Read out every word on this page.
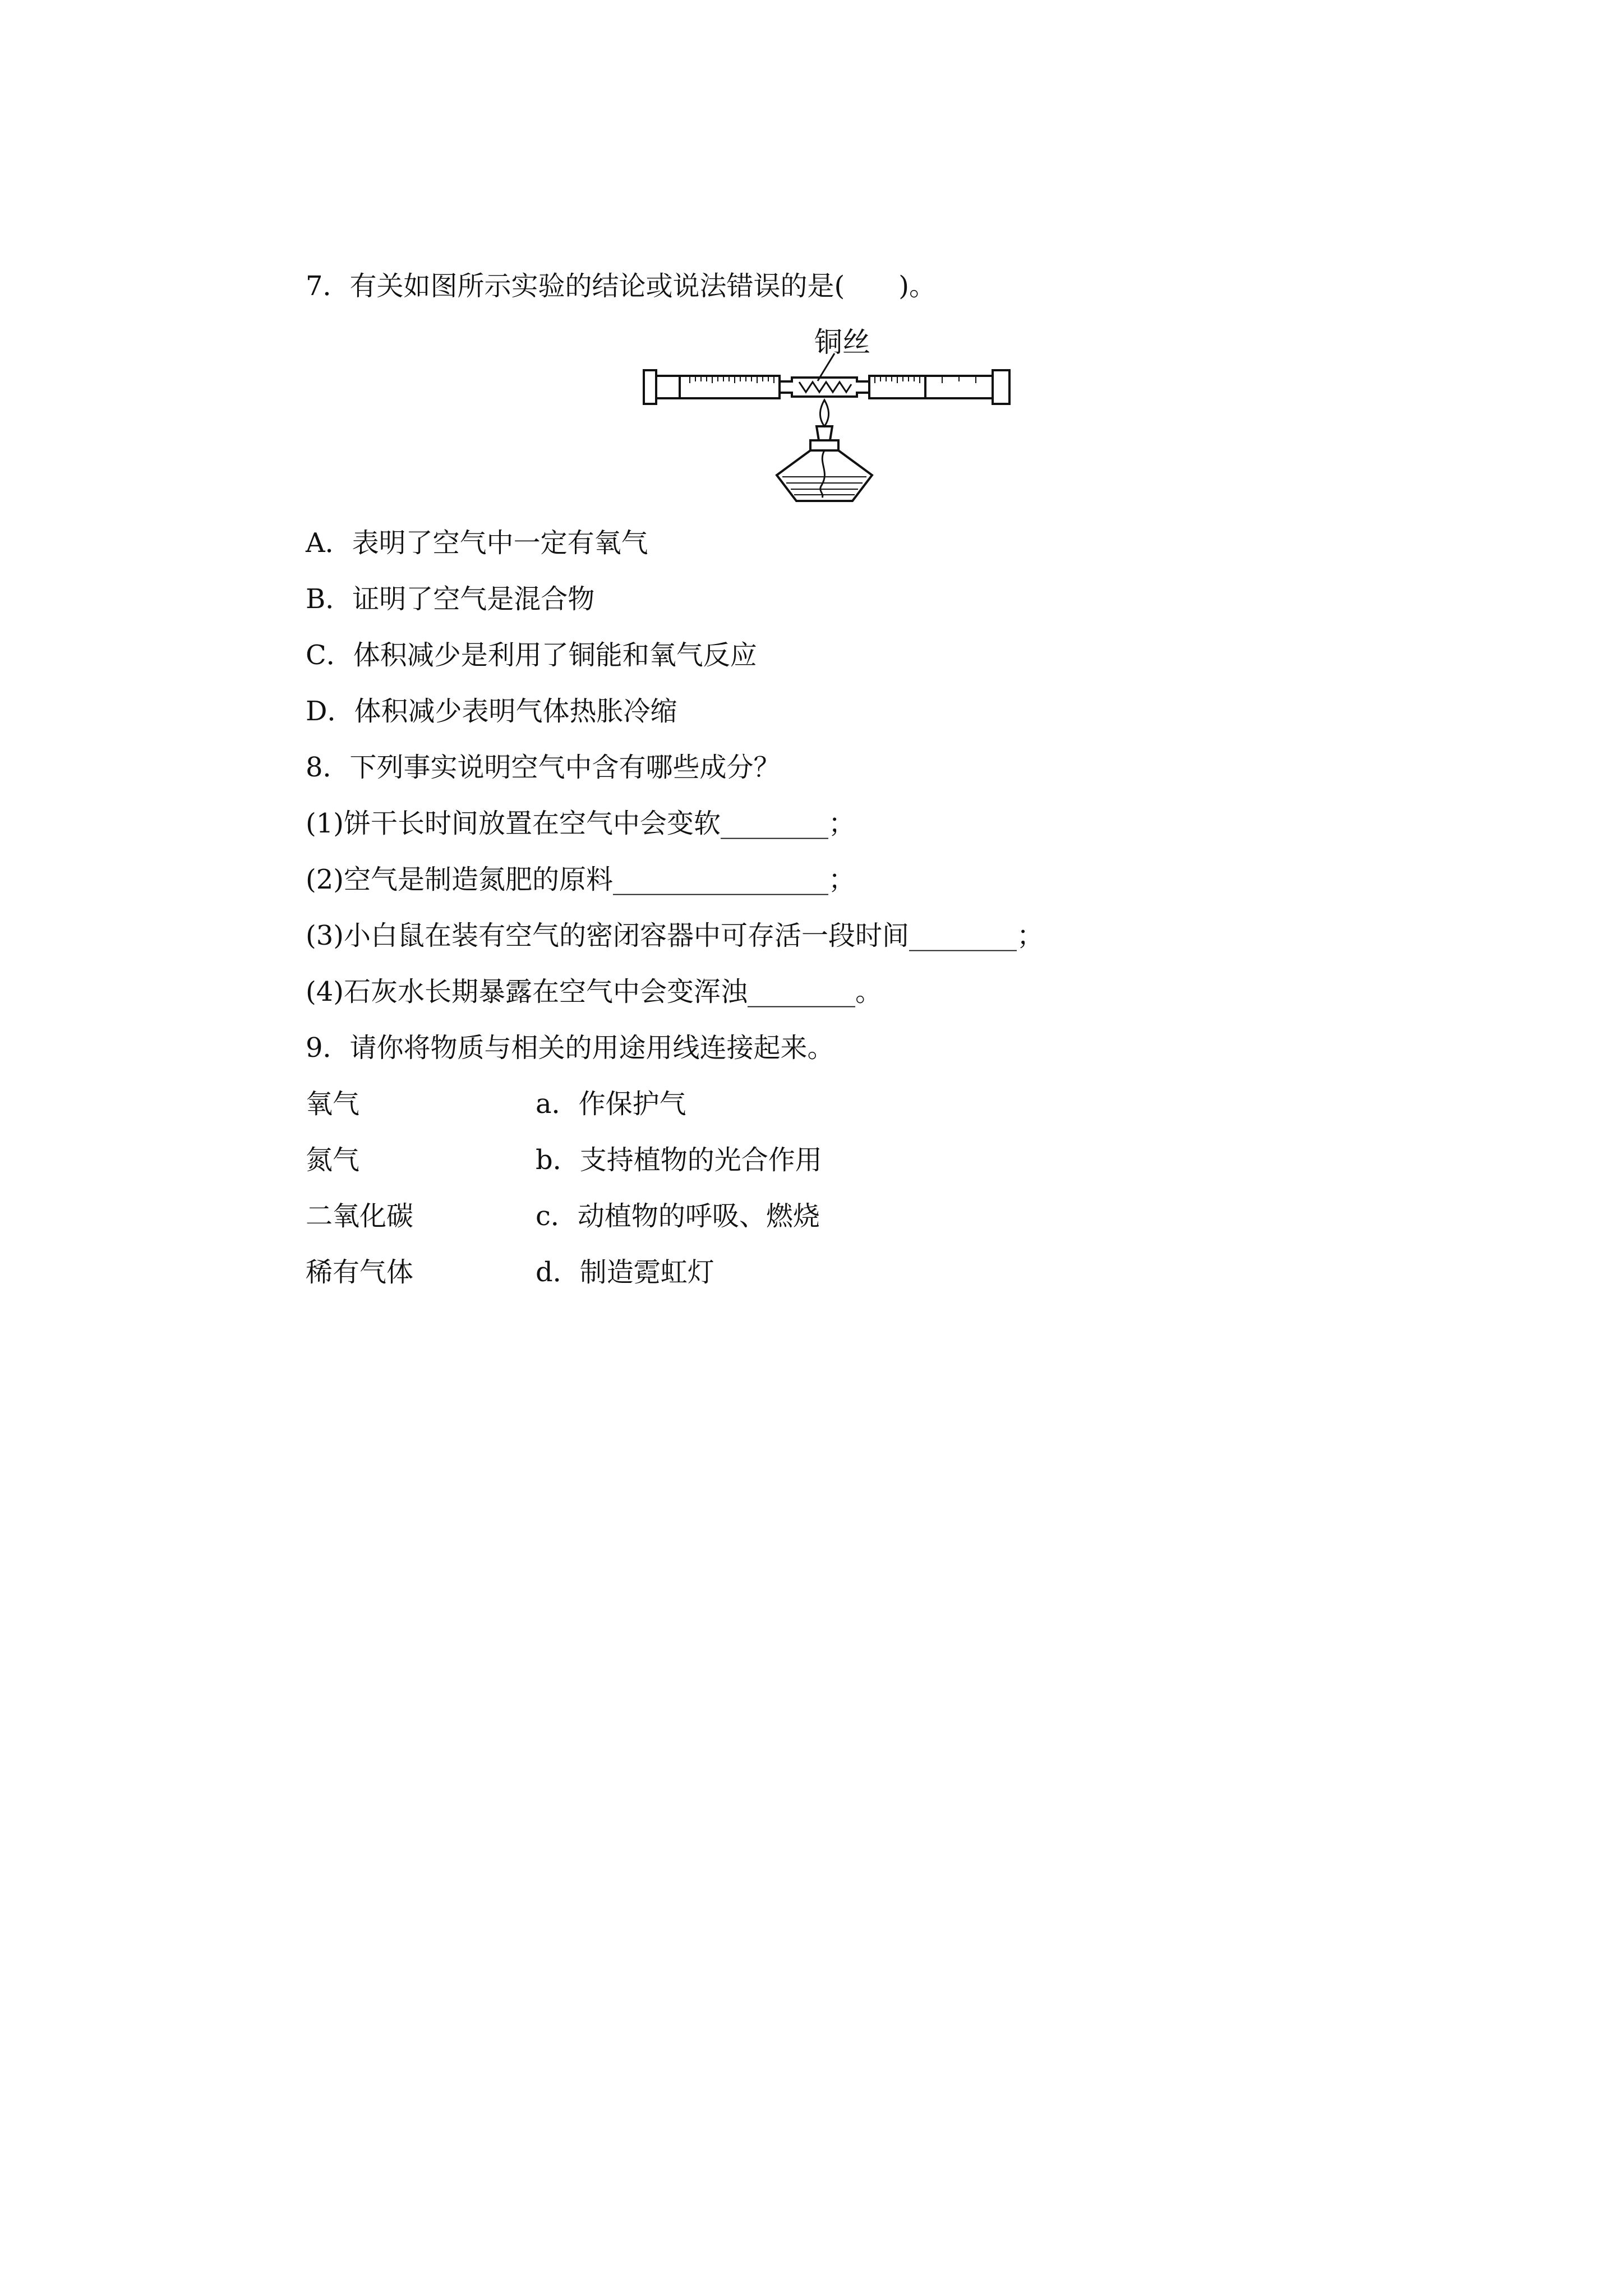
7．有关如图所示实验的结论或说法错误的是(　　)。
铜丝
A．表明了空气中一定有氧气
B．证明了空气是混合物
C．体积减少是利用了铜能和氧气反应
D．体积减少表明气体热胀冷缩
8．下列事实说明空气中含有哪些成分？
(1)饼干长时间放置在空气中会变软________；
(2)空气是制造氮肥的原料________________；
(3)小白鼠在装有空气的密闭容器中可存活一段时间________；
(4)石灰水长期暴露在空气中会变浑浊________。
9．请你将物质与相关的用途用线连接起来。
氧气	a．作保护气
氮气	b．支持植物的光合作用
二氧化碳	c．动植物的呼吸、燃烧
稀有气体	d．制造霓虹灯
